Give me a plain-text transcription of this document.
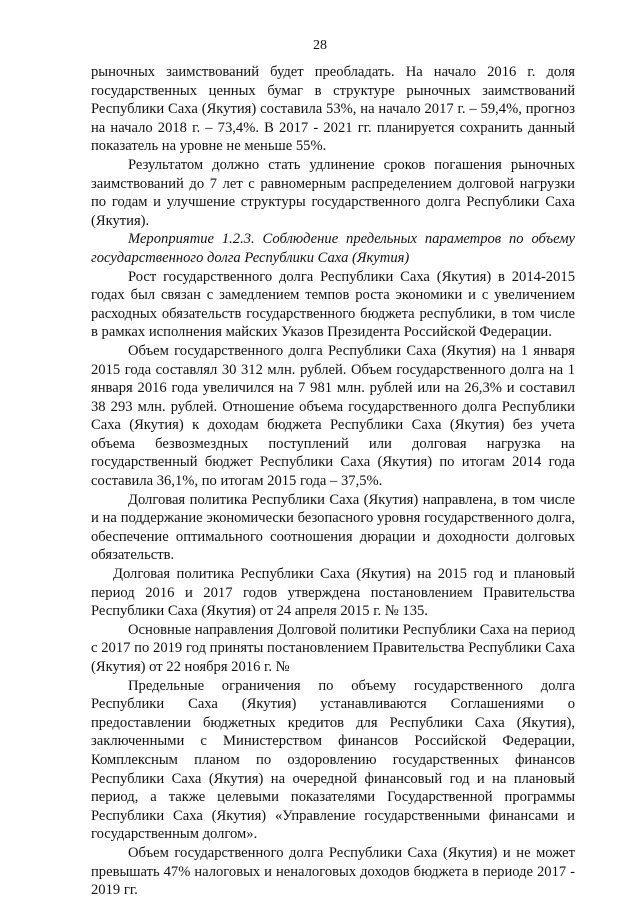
28

рыночных заимствований будет преобладать. На начало 2016 г. доля государственных ценных бумаг в структуре рыночных заимствований Республики Саха (Якутия) составила 53%, на начало 2017 г. – 59,4%, прогноз на начало 2018 г. – 73,4%. В 2017 - 2021 гг. планируется сохранить данный показатель на уровне не меньше 55%.

Результатом должно стать удлинение сроков погашения рыночных заимствований до 7 лет с равномерным распределением долговой нагрузки по годам и улучшение структуры государственного долга Республики Саха (Якутия).

Мероприятие 1.2.3. Соблюдение предельных параметров по объему государственного долга Республики Саха (Якутия)

Рост государственного долга Республики Саха (Якутия) в 2014-2015 годах был связан с замедлением темпов роста экономики и с увеличением расходных обязательств государственного бюджета республики, в том числе в рамках исполнения майских Указов Президента Российской Федерации.

Объем государственного долга Республики Саха (Якутия) на 1 января 2015 года составлял 30 312 млн. рублей. Объем государственного долга на 1 января 2016 года увеличился на 7 981 млн. рублей или на 26,3% и составил 38 293 млн. рублей. Отношение объема государственного долга Республики Саха (Якутия) к доходам бюджета Республики Саха (Якутия) без учета объема безвозмездных поступлений или долговая нагрузка на государственный бюджет Республики Саха (Якутия) по итогам 2014 года составила 36,1%, по итогам 2015 года – 37,5%.

Долговая политика Республики Саха (Якутия) направлена, в том числе и на поддержание экономически безопасного уровня государственного долга, обеспечение оптимального соотношения дюрации и доходности долговых обязательств.

Долговая политика Республики Саха (Якутия) на 2015 год и плановый период 2016 и 2017 годов утверждена постановлением Правительства Республики Саха (Якутия) от 24 апреля 2015 г. № 135.

Основные направления Долговой политики Республики Саха на период с 2017 по 2019 год приняты постановлением Правительства Республики Саха (Якутия) от 22 ноября 2016 г. №

Предельные ограничения по объему государственного долга Республики Саха (Якутия) устанавливаются Соглашениями о предоставлении бюджетных кредитов для Республики Саха (Якутия), заключенными с Министерством финансов Российской Федерации, Комплексным планом по оздоровлению государственных финансов Республики Саха (Якутия) на очередной финансовый год и на плановый период, а также целевыми показателями Государственной программы Республики Саха (Якутия) «Управление государственными финансами и государственным долгом».

Объем государственного долга Республики Саха (Якутия) и не может превышать 47% налоговых и неналоговых доходов бюджета в периоде 2017 - 2019 гг.
